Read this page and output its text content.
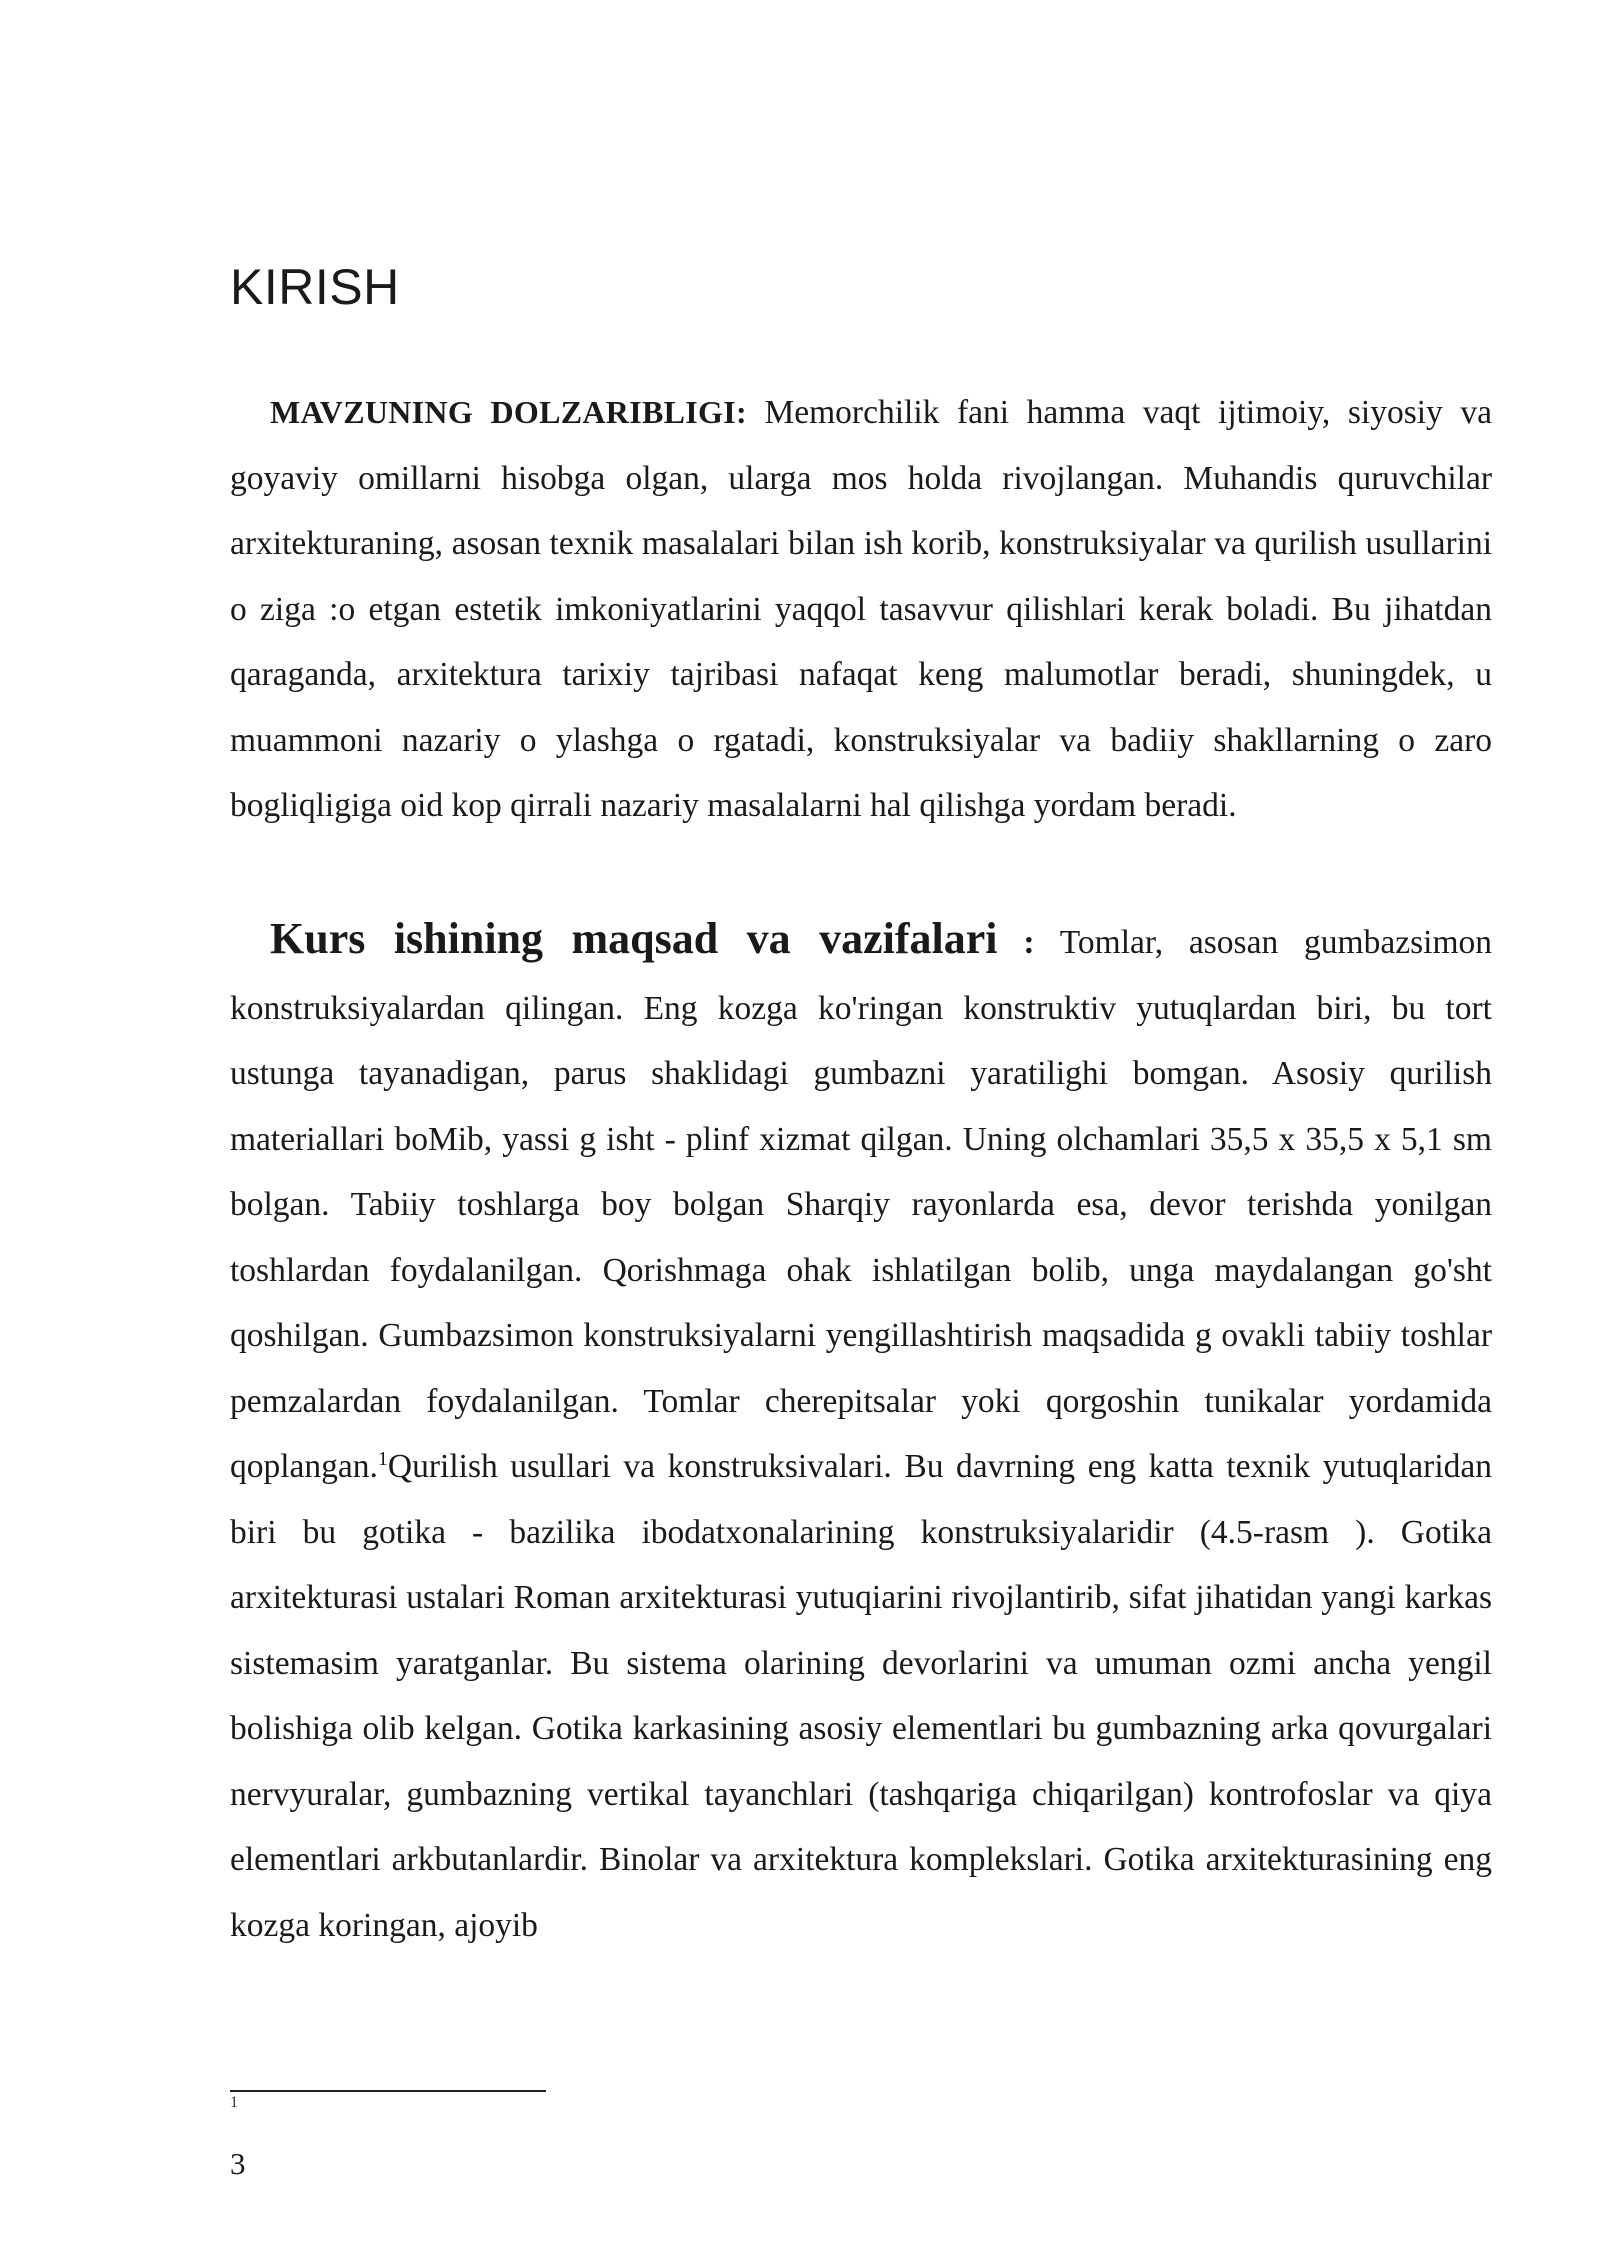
KIRISH

MAVZUNING DOLZARIBLIGI: Memorchilik fani hamma vaqt ijtimoiy, siyosiy va goyaviy omillarni hisobga olgan, ularga mos holda rivojlangan. Muhandis quruvchilar arxitekturaning, asosan texnik masalalari bilan ish korib, konstruksiyalar va qurilish usullarini o ziga :o etgan estetik imkoniyatlarini yaqqol tasavvur qilishlari kerak boladi. Bu jihatdan qaraganda, arxitektura tarixiy tajribasi nafaqat keng malumotlar beradi, shuningdek, u muammoni nazariy o ylashga o rgatadi, konstruksiyalar va badiiy shakllarning o zaro bogliqligiga oid kop qirrali nazariy masalalarni hal qilishga yordam beradi.

Kurs ishining maqsad va vazifalari : Tomlar, asosan gumbazsimon konstruksiyalardan qilingan. Eng kozga ko'ringan konstruktiv yutuqlardan biri, bu tort ustunga tayanadigan, parus shaklidagi gumbazni yaratilighi bomgan. Asosiy qurilish materiallari boMib, yassi g isht - plinf xizmat qilgan. Uning olchamlari 35,5 x 35,5 x 5,1 sm bolgan. Tabiiy toshlarga boy bolgan Sharqiy rayonlarda esa, devor terishda yonilgan toshlardan foydalanilgan. Qorishmaga ohak ishlatilgan bolib, unga maydalangan go'sht qoshilgan. Gumbazsimon konstruksiyalarni yengillashtirish maqsadida g ovakli tabiiy toshlar pemzalardan foydalanilgan. Tomlar cherepitsalar yoki qorgoshin tunikalar yordamida qoplangan.$^1$Qurilish usullari va konstruksivalari. Bu davrning eng katta texnik yutuqlaridan biri bu gotika - bazilika ibodatxonalarining konstruksiyalaridir (4.5-rasm ). Gotika arxitekturasi ustalari Roman arxitekturasi yutuqiarini rivojlantirib, sifat jihatidan yangi karkas sistemasim yaratganlar. Bu sistema olarining devorlarini va umuman ozmi ancha yengil bolishiga olib kelgan. Gotika karkasining asosiy elementlari bu gumbazning arka qovurgalari nervyuralar, gumbazning vertikal tayanchlari (tashqariga chiqarilgan) kontrofoslar va qiya elementlari arkbutanlardir. Binolar va arxitektura komplekslari. Gotika arxitekturasining eng kozga koringan, ajoyib

1
3
